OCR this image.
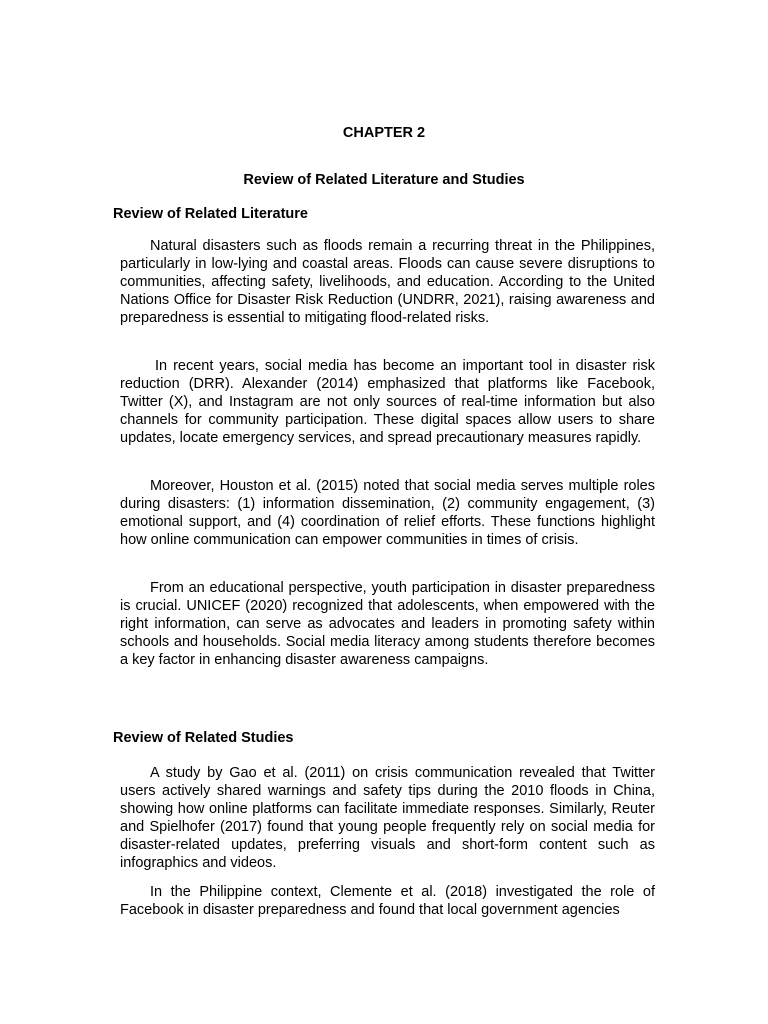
CHAPTER 2
Review of Related Literature and Studies
Review of Related Literature

Natural disasters such as floods remain a recurring threat in the Philippines, particularly in low-lying and coastal areas. Floods can cause severe disruptions to communities, affecting safety, livelihoods, and education. According to the United Nations Office for Disaster Risk Reduction (UNDRR, 2021), raising awareness and preparedness is essential to mitigating flood-related risks.

In recent years, social media has become an important tool in disaster risk reduction (DRR). Alexander (2014) emphasized that platforms like Facebook, Twitter (X), and Instagram are not only sources of real-time information but also channels for community participation. These digital spaces allow users to share updates, locate emergency services, and spread precautionary measures rapidly.

Moreover, Houston et al. (2015) noted that social media serves multiple roles during disasters: (1) information dissemination, (2) community engagement, (3) emotional support, and (4) coordination of relief efforts. These functions highlight how online communication can empower communities in times of crisis.

From an educational perspective, youth participation in disaster preparedness is crucial. UNICEF (2020) recognized that adolescents, when empowered with the right information, can serve as advocates and leaders in promoting safety within schools and households. Social media literacy among students therefore becomes a key factor in enhancing disaster awareness campaigns.

Review of Related Studies

A study by Gao et al. (2011) on crisis communication revealed that Twitter users actively shared warnings and safety tips during the 2010 floods in China, showing how online platforms can facilitate immediate responses. Similarly, Reuter and Spielhofer (2017) found that young people frequently rely on social media for disaster-related updates, preferring visuals and short-form content such as infographics and videos.

In the Philippine context, Clemente et al. (2018) investigated the role of Facebook in disaster preparedness and found that local government agencies
